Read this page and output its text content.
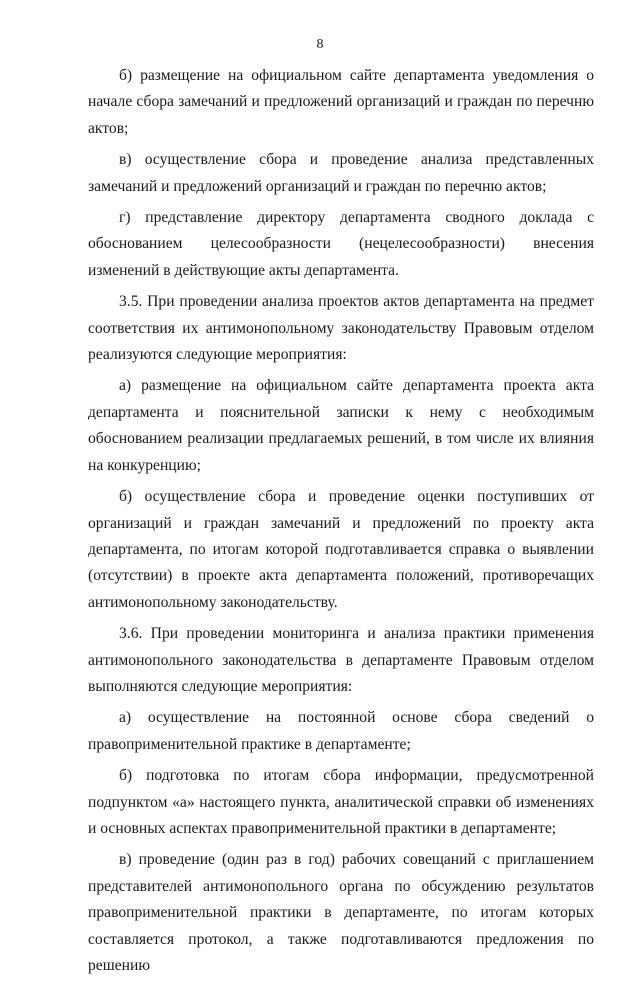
8

б) размещение на официальном сайте департамента уведомления о начале сбора замечаний и предложений организаций и граждан по перечню актов;

в) осуществление сбора и проведение анализа представленных замечаний и предложений организаций и граждан по перечню актов;

г) представление директору департамента сводного доклада с обоснованием целесообразности (нецелесообразности) внесения изменений в действующие акты департамента.

3.5. При проведении анализа проектов актов департамента на предмет соответствия их антимонопольному законодательству Правовым отделом реализуются следующие мероприятия:

а) размещение на официальном сайте департамента проекта акта департамента и пояснительной записки к нему с необходимым обоснованием реализации предлагаемых решений, в том числе их влияния на конкуренцию;

б) осуществление сбора и проведение оценки поступивших от организаций и граждан замечаний и предложений по проекту акта департамента, по итогам которой подготавливается справка о выявлении (отсутствии) в проекте акта департамента положений, противоречащих антимонопольному законодательству.

3.6. При проведении мониторинга и анализа практики применения антимонопольного законодательства в департаменте Правовым отделом выполняются следующие мероприятия:

а) осуществление на постоянной основе сбора сведений о правоприменительной практике в департаменте;

б) подготовка по итогам сбора информации, предусмотренной подпунктом «а» настоящего пункта, аналитической справки об изменениях и основных аспектах правоприменительной практики в департаменте;

в) проведение (один раз в год) рабочих совещаний с приглашением представителей антимонопольного органа по обсуждению результатов правоприменительной практики в департаменте, по итогам которых составляется протокол, а также подготавливаются предложения по решению
